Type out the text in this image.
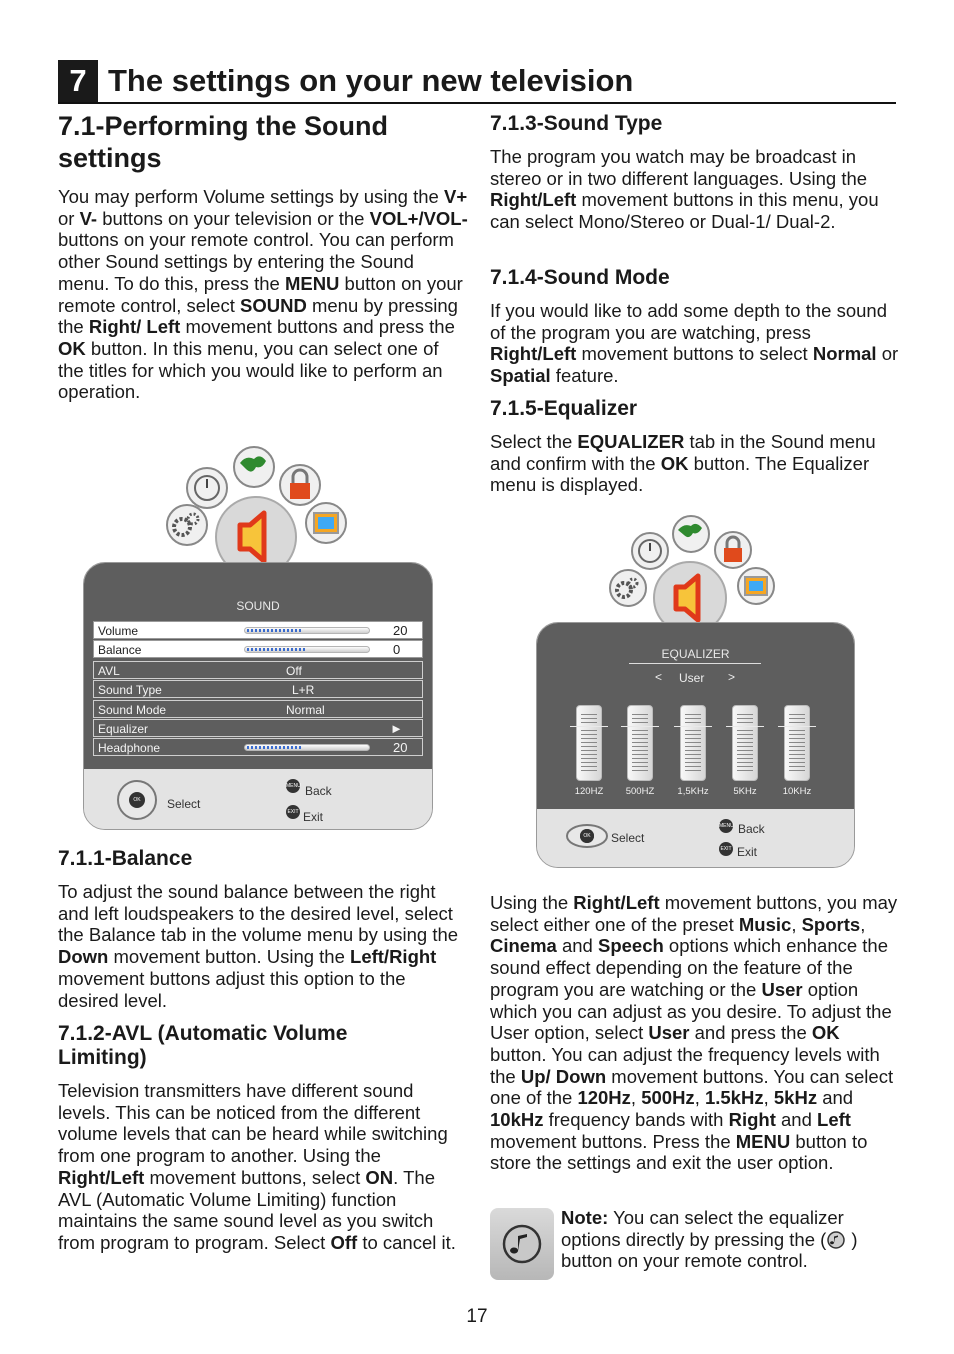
7 The settings on your new television
7.1-Performing the Sound settings

You may perform Volume settings by using the V+ or V- buttons on your television or the VOL+/VOL- buttons on your remote control. You can perform other Sound settings by entering the Sound menu. To do this, press the MENU button on your remote control, select SOUND menu by pressing the Right/ Left movement buttons and press the OK button. In this menu, you can select one of the titles for which you would like to perform an operation.

SOUND
OK Select
MENU Back
EXIT Exit
Volume	20
Balance	0
AVL	Off
Sound Type	L+R
Sound Mode	Normal
Equalizer	►
Headphone	20
7.1.1-Balance

To adjust the sound balance between the right and left loudspeakers to the desired level, select the Balance tab in the volume menu by using the Down movement button. Using the Left/Right movement buttons adjust this option to the desired level.

7.1.2-AVL (Automatic Volume Limiting)

Television transmitters have different sound levels. This can be noticed from the different volume levels that can be heard while switching from one program to another. Using the Right/Left movement buttons, select ON. The AVL (Automatic Volume Limiting) function maintains the same sound level as you switch from program to program. Select Off to cancel it.

7.1.3-Sound Type

The program you watch may be broadcast in stereo or in two different languages. Using the Right/Left movement buttons in this menu, you can select Mono/Stereo or Dual-1/ Dual-2.

7.1.4-Sound Mode

If you would like to add some depth to the sound of the program you are watching, press Right/Left movement buttons to select Normal or Spatial feature.

7.1.5-Equalizer

Select the EQUALIZER tab in the Sound menu and confirm with the OK button. The Equalizer menu is displayed.

EQUALIZER
< User >
120HZ	500HZ	1,5KHz	5KHz	10KHz
OK Select
MENU Back
EXIT Exit

Using the Right/Left movement buttons, you may select either one of the preset Music, Sports, Cinema and Speech options which enhance the sound effect depending on the feature of the program you are watching or the User option which you can adjust as you desire. To adjust the User option, select User and press the OK button. You can adjust the frequency levels with the Up/ Down movement buttons. You can select one of the 120Hz, 500Hz, 1.5kHz, 5kHz and 10kHz frequency bands with Right and Left movement buttons. Press the MENU button to store the settings and exit the user option.

Note: You can select the equalizer options directly by pressing the ( ) button on your remote control.

17
